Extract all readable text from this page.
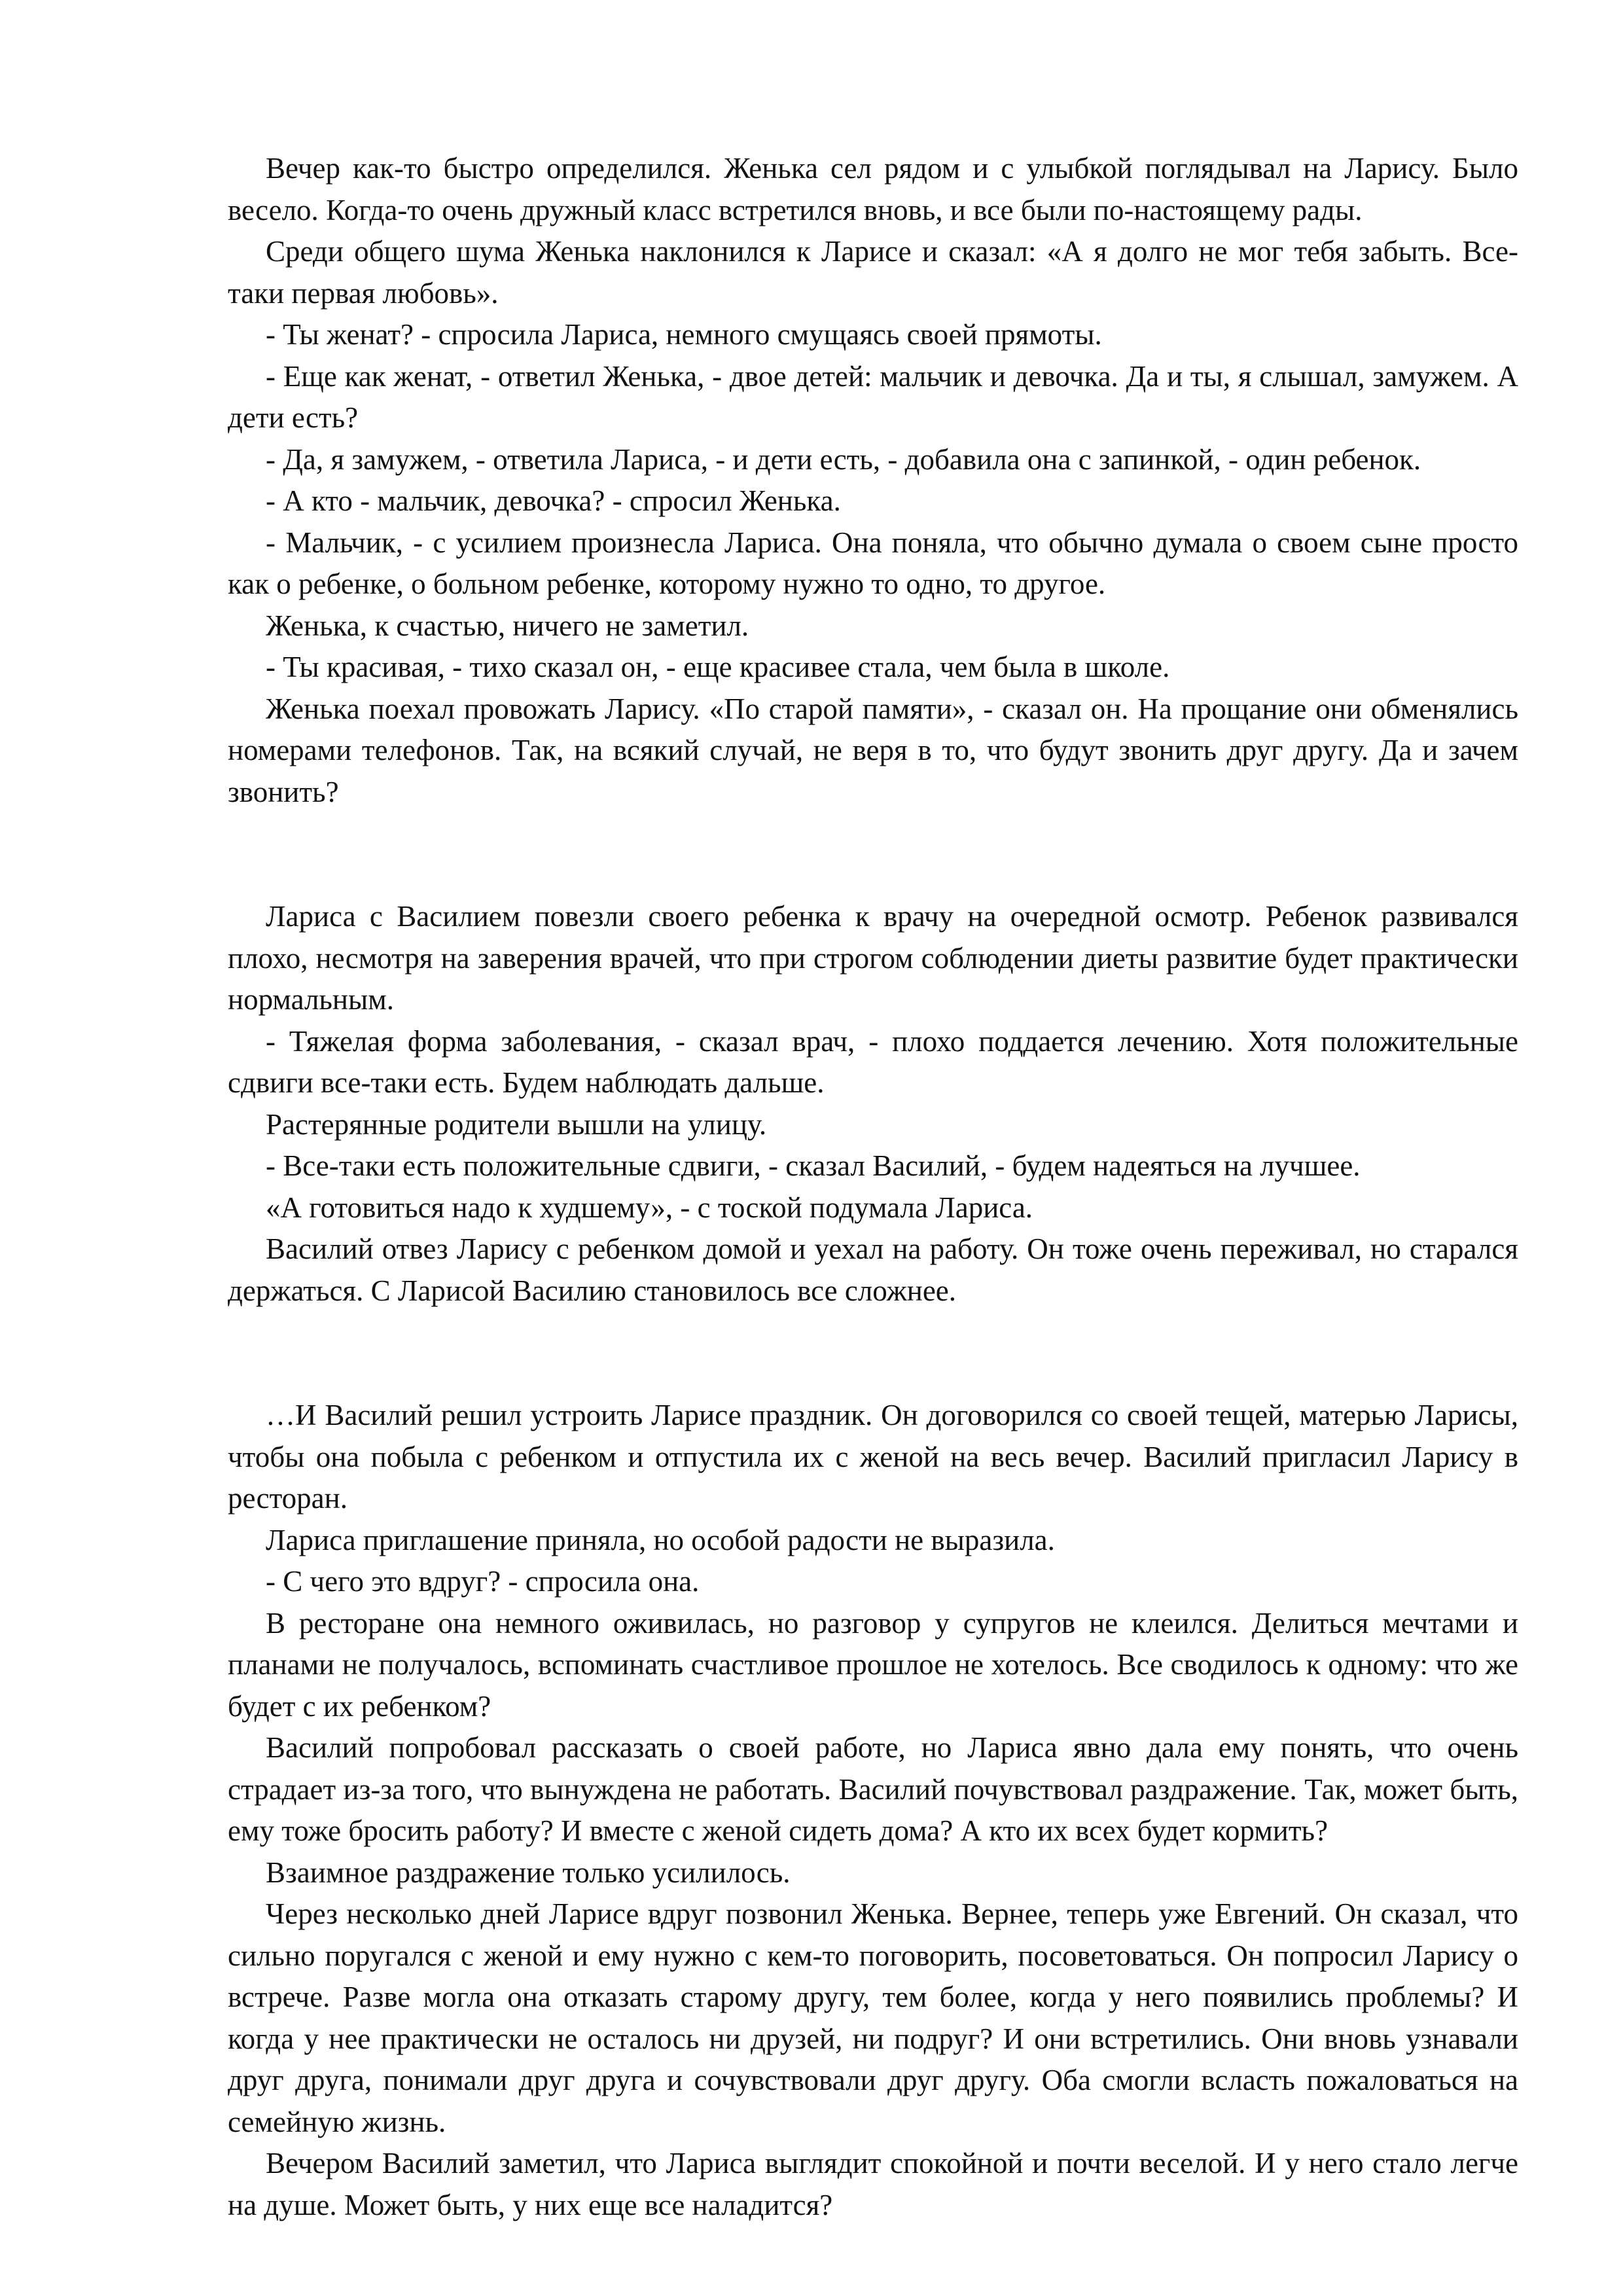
Вечер как-то быстро определился. Женька сел рядом и с улыбкой поглядывал на Ларису. Было весело. Когда-то очень дружный класс встретился вновь, и все были по-настоящему рады.

Среди общего шума Женька наклонился к Ларисе и сказал: «А я долго не мог тебя забыть. Все-таки первая любовь».

- Ты женат? - спросила Лариса, немного смущаясь своей прямоты.

- Еще как женат, - ответил Женька, - двое детей: мальчик и девочка. Да и ты, я слышал, замужем. А дети есть?

- Да, я замужем, - ответила Лариса, - и дети есть, - добавила она с запинкой, - один ребенок.

- А кто - мальчик, девочка? - спросил Женька.

- Мальчик, - с усилием произнесла Лариса. Она поняла, что обычно думала о своем сыне просто как о ребенке, о больном ребенке, которому нужно то одно, то другое.

Женька, к счастью, ничего не заметил.

- Ты красивая, - тихо сказал он, - еще красивее стала, чем была в школе.

Женька поехал провожать Ларису. «По старой памяти», - сказал он. На прощание они обменялись номерами телефонов. Так, на всякий случай, не веря в то, что будут звонить друг другу. Да и зачем звонить?

Лариса с Василием повезли своего ребенка к врачу на очередной осмотр. Ребенок развивался плохо, несмотря на заверения врачей, что при строгом соблюдении диеты развитие будет практически нормальным.

- Тяжелая форма заболевания, - сказал врач, - плохо поддается лечению. Хотя положительные сдвиги все-таки есть. Будем наблюдать дальше.

Растерянные родители вышли на улицу.

- Все-таки есть положительные сдвиги, - сказал Василий, - будем надеяться на лучшее.

«А готовиться надо к худшему», - с тоской подумала Лариса.

Василий отвез Ларису с ребенком домой и уехал на работу. Он тоже очень переживал, но старался держаться. С Ларисой Василию становилось все сложнее.

…И Василий решил устроить Ларисе праздник. Он договорился со своей тещей, матерью Ларисы, чтобы она побыла с ребенком и отпустила их с женой на весь вечер. Василий пригласил Ларису в ресторан.

Лариса приглашение приняла, но особой радости не выразила.

- С чего это вдруг? - спросила она.

В ресторане она немного оживилась, но разговор у супругов не клеился. Делиться мечтами и планами не получалось, вспоминать счастливое прошлое не хотелось. Все сводилось к одному: что же будет с их ребенком?

Василий попробовал рассказать о своей работе, но Лариса явно дала ему понять, что очень страдает из-за того, что вынуждена не работать. Василий почувствовал раздражение. Так, может быть, ему тоже бросить работу? И вместе с женой сидеть дома? А кто их всех будет кормить?

Взаимное раздражение только усилилось.

Через несколько дней Ларисе вдруг позвонил Женька. Вернее, теперь уже Евгений. Он сказал, что сильно поругался с женой и ему нужно с кем-то поговорить, посоветоваться. Он попросил Ларису о встрече. Разве могла она отказать старому другу, тем более, когда у него появились проблемы? И когда у нее практически не осталось ни друзей, ни подруг? И они встретились. Они вновь узнавали друг друга, понимали друг друга и сочувствовали друг другу. Оба смогли всласть пожаловаться на семейную жизнь.

Вечером Василий заметил, что Лариса выглядит спокойной и почти веселой. И у него стало легче на душе. Может быть, у них еще все наладится?
